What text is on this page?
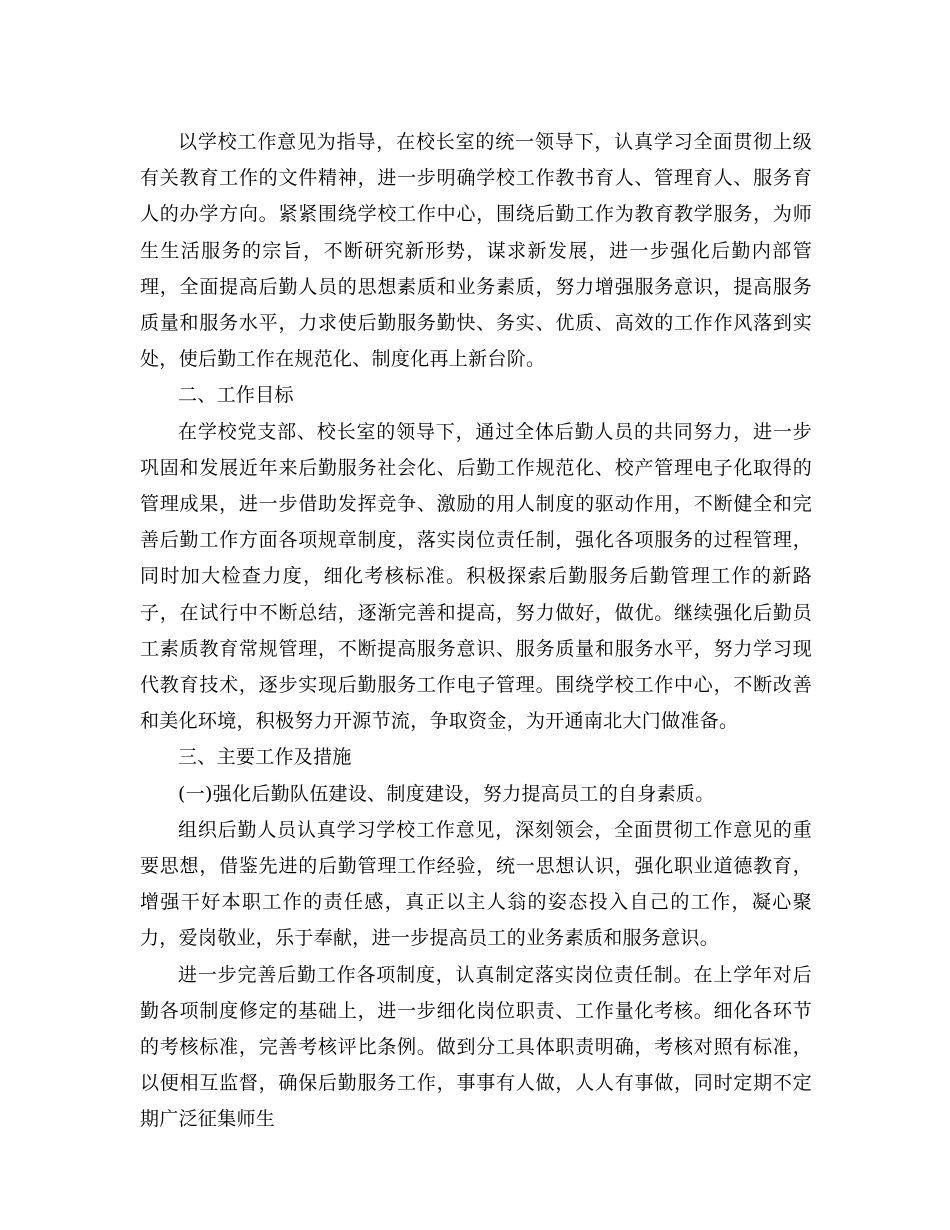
以学校工作意见为指导，在校长室的统一领导下，认真学习全面贯彻上级有关教育工作的文件精神，进一步明确学校工作教书育人、管理育人、服务育人的办学方向。紧紧围绕学校工作中心，围绕后勤工作为教育教学服务，为师生生活服务的宗旨，不断研究新形势，谋求新发展，进一步强化后勤内部管理，全面提高后勤人员的思想素质和业务素质，努力增强服务意识，提高服务质量和服务水平，力求使后勤服务勤快、务实、优质、高效的工作作风落到实处，使后勤工作在规范化、制度化再上新台阶。

二、工作目标

在学校党支部、校长室的领导下，通过全体后勤人员的共同努力，进一步巩固和发展近年来后勤服务社会化、后勤工作规范化、校产管理电子化取得的管理成果，进一步借助发挥竞争、激励的用人制度的驱动作用，不断健全和完善后勤工作方面各项规章制度，落实岗位责任制，强化各项服务的过程管理，同时加大检查力度，细化考核标准。积极探索后勤服务后勤管理工作的新路子，在试行中不断总结，逐渐完善和提高，努力做好，做优。继续强化后勤员工素质教育常规管理，不断提高服务意识、服务质量和服务水平，努力学习现代教育技术，逐步实现后勤服务工作电子管理。围绕学校工作中心，不断改善和美化环境，积极努力开源节流，争取资金，为开通南北大门做准备。

三、主要工作及措施

(一)强化后勤队伍建设、制度建设，努力提高员工的自身素质。

组织后勤人员认真学习学校工作意见，深刻领会，全面贯彻工作意见的重要思想，借鉴先进的后勤管理工作经验，统一思想认识，强化职业道德教育，增强干好本职工作的责任感，真正以主人翁的姿态投入自己的工作，凝心聚力，爱岗敬业，乐于奉献，进一步提高员工的业务素质和服务意识。

进一步完善后勤工作各项制度，认真制定落实岗位责任制。在上学年对后勤各项制度修定的基础上，进一步细化岗位职责、工作量化考核。细化各环节的考核标准，完善考核评比条例。做到分工具体职责明确，考核对照有标准，以便相互监督，确保后勤服务工作，事事有人做，人人有事做，同时定期不定期广泛征集师生
